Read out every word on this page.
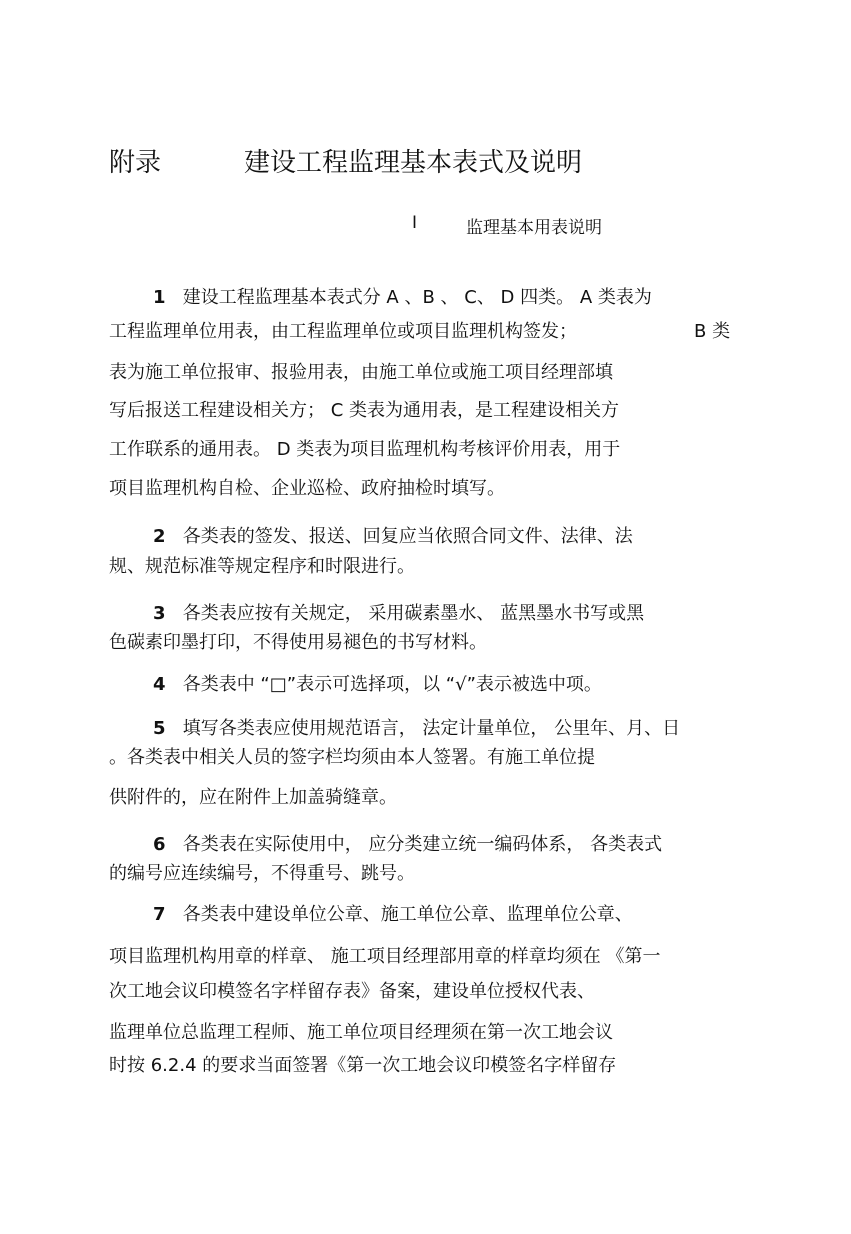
附录	建设工程监理基本表式及说明
I	监理基本用表说明
1 建设工程监理基本表式分 A 、B 、 C、 D 四类。 A 类表为
工程监理单位用表，由工程监理单位或项目监理机构签发；	B 类
表为施工单位报审、报验用表，由施工单位或施工项目经理部填
写后报送工程建设相关方； C 类表为通用表，是工程建设相关方
工作联系的通用表。 D 类表为项目监理机构考核评价用表，用于
项目监理机构自检、企业巡检、政府抽检时填写。
2 各类表的签发、报送、回复应当依照合同文件、法律、法
规、规范标准等规定程序和时限进行。
3 各类表应按有关规定， 采用碳素墨水、 蓝黑墨水书写或黑
色碳素印墨打印，不得使用易褪色的书写材料。
4 各类表中 “□”表示可选择项，以 “√”表示被选中项。
5 填写各类表应使用规范语言， 法定计量单位， 公里年、月、日
。各类表中相关人员的签字栏均须由本人签署。有施工单位提
供附件的，应在附件上加盖骑缝章。
6 各类表在实际使用中， 应分类建立统一编码体系， 各类表式
的编号应连续编号，不得重号、跳号。
7 各类表中建设单位公章、施工单位公章、监理单位公章、
项目监理机构用章的样章、 施工项目经理部用章的样章均须在 《第一
次工地会议印模签名字样留存表》备案，建设单位授权代表、
监理单位总监理工程师、施工单位项目经理须在第一次工地会议
时按 6.2.4 的要求当面签署《第一次工地会议印模签名字样留存
